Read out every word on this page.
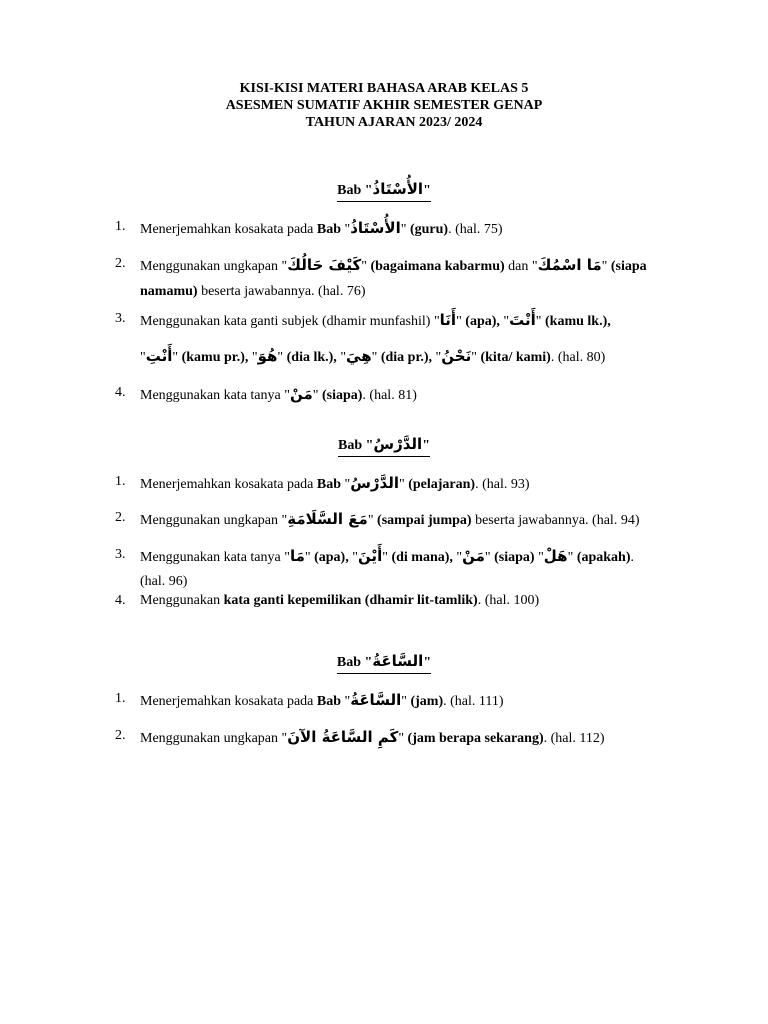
KISI-KISI MATERI BAHASA ARAB KELAS 5
ASESMEN SUMATIF AKHIR SEMESTER GENAP
TAHUN AJARAN 2023/ 2024
Bab "الأُسْتَاذُ"
1. Menerjemahkan kosakata pada Bab "الأُسْتَاذُ" (guru). (hal. 75)
2. Menggunakan ungkapan "كَيْفَ حَالُكَ" (bagaimana kabarmu) dan "مَا اسْمُكَ" (siapa
namamu) beserta jawabannya. (hal. 76)
3. Menggunakan kata ganti subjek (dhamir munfashil) "أَنَا" (apa), "أَنْتَ" (kamu lk.),
"أَنْتِ" (kamu pr.), "هُوَ" (dia lk.), "هِيَ" (dia pr.), "نَحْنُ" (kita/ kami). (hal. 80)
4. Menggunakan kata tanya "مَنْ" (siapa). (hal. 81)
Bab "الدَّرْسُ"
1. Menerjemahkan kosakata pada Bab "الدَّرْسُ" (pelajaran). (hal. 93)
2. Menggunakan ungkapan "مَعَ السَّلَامَةِ" (sampai jumpa) beserta jawabannya. (hal. 94)
3. Menggunakan kata tanya "مَا" (apa), "أَيْنَ" (di mana), "مَنْ" (siapa) "هَلْ" (apakah).
(hal. 96)
4. Menggunakan kata ganti kepemilikan (dhamir lit-tamlik). (hal. 100)
Bab "السَّاعَةُ"
1. Menerjemahkan kosakata pada Bab "السَّاعَةُ" (jam). (hal. 111)
2. Menggunakan ungkapan "كَمِ السَّاعَةُ الآنَ" (jam berapa sekarang). (hal. 112)
